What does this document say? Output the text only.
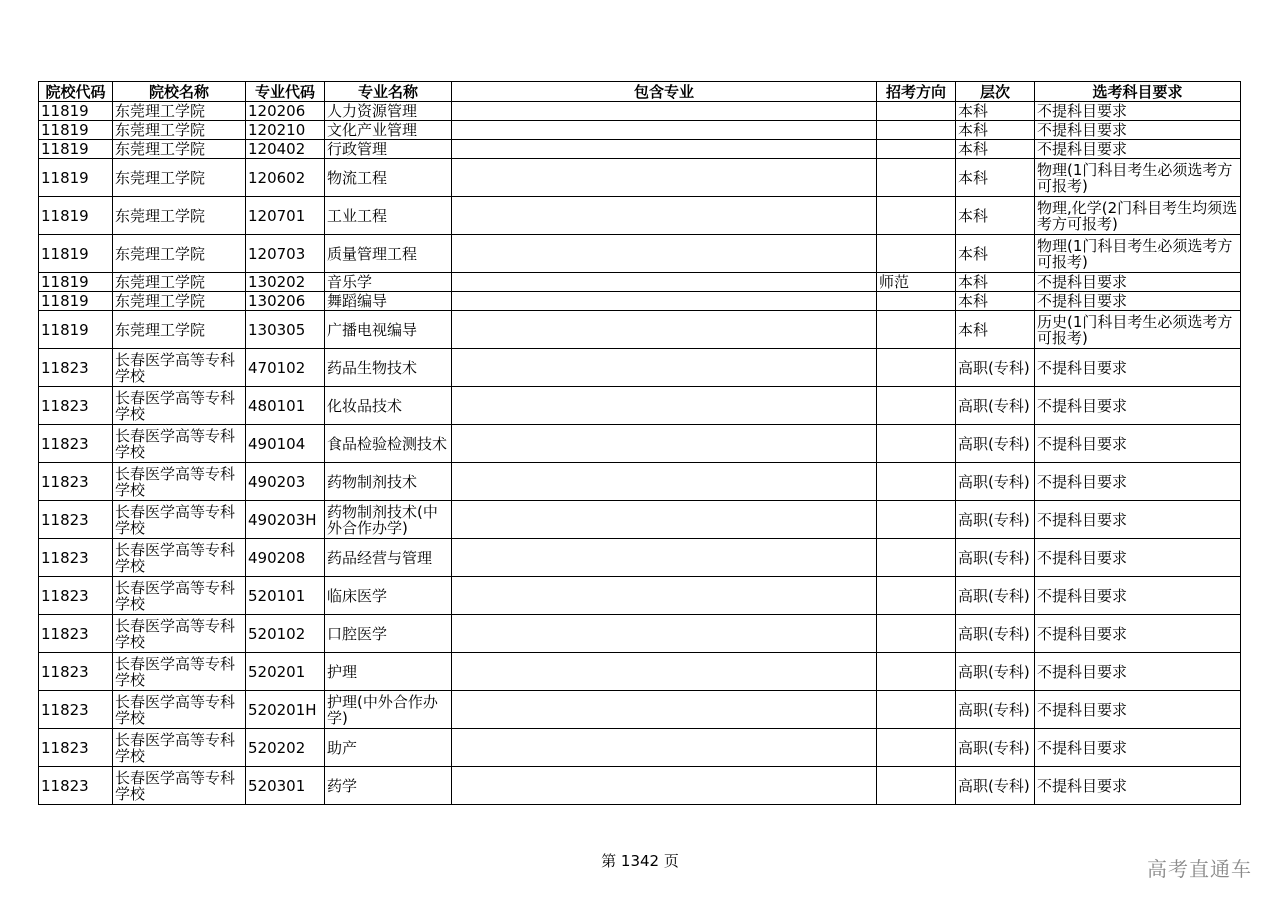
院校代码	院校名称	专业代码	专业名称	包含专业	招考方向	层次	选考科目要求
11819	东莞理工学院	120206	人力资源管理			本科	不提科目要求
11819	东莞理工学院	120210	文化产业管理			本科	不提科目要求
11819	东莞理工学院	120402	行政管理			本科	不提科目要求
11819	东莞理工学院	120602	物流工程			本科	物理(1门科目考生必须选考方可报考)
11819	东莞理工学院	120701	工业工程			本科	物理,化学(2门科目考生均须选考方可报考)
11819	东莞理工学院	120703	质量管理工程			本科	物理(1门科目考生必须选考方可报考)
11819	东莞理工学院	130202	音乐学		师范	本科	不提科目要求
11819	东莞理工学院	130206	舞蹈编导			本科	不提科目要求
11819	东莞理工学院	130305	广播电视编导			本科	历史(1门科目考生必须选考方可报考)
11823	长春医学高等专科学校	470102	药品生物技术			高职(专科)	不提科目要求
11823	长春医学高等专科学校	480101	化妆品技术			高职(专科)	不提科目要求
11823	长春医学高等专科学校	490104	食品检验检测技术			高职(专科)	不提科目要求
11823	长春医学高等专科学校	490203	药物制剂技术			高职(专科)	不提科目要求
11823	长春医学高等专科学校	490203H	药物制剂技术(中外合作办学)			高职(专科)	不提科目要求
11823	长春医学高等专科学校	490208	药品经营与管理			高职(专科)	不提科目要求
11823	长春医学高等专科学校	520101	临床医学			高职(专科)	不提科目要求
11823	长春医学高等专科学校	520102	口腔医学			高职(专科)	不提科目要求
11823	长春医学高等专科学校	520201	护理			高职(专科)	不提科目要求
11823	长春医学高等专科学校	520201H	护理(中外合作办学)			高职(专科)	不提科目要求
11823	长春医学高等专科学校	520202	助产			高职(专科)	不提科目要求
11823	长春医学高等专科学校	520301	药学			高职(专科)	不提科目要求
第 1342 页	高考直通车
